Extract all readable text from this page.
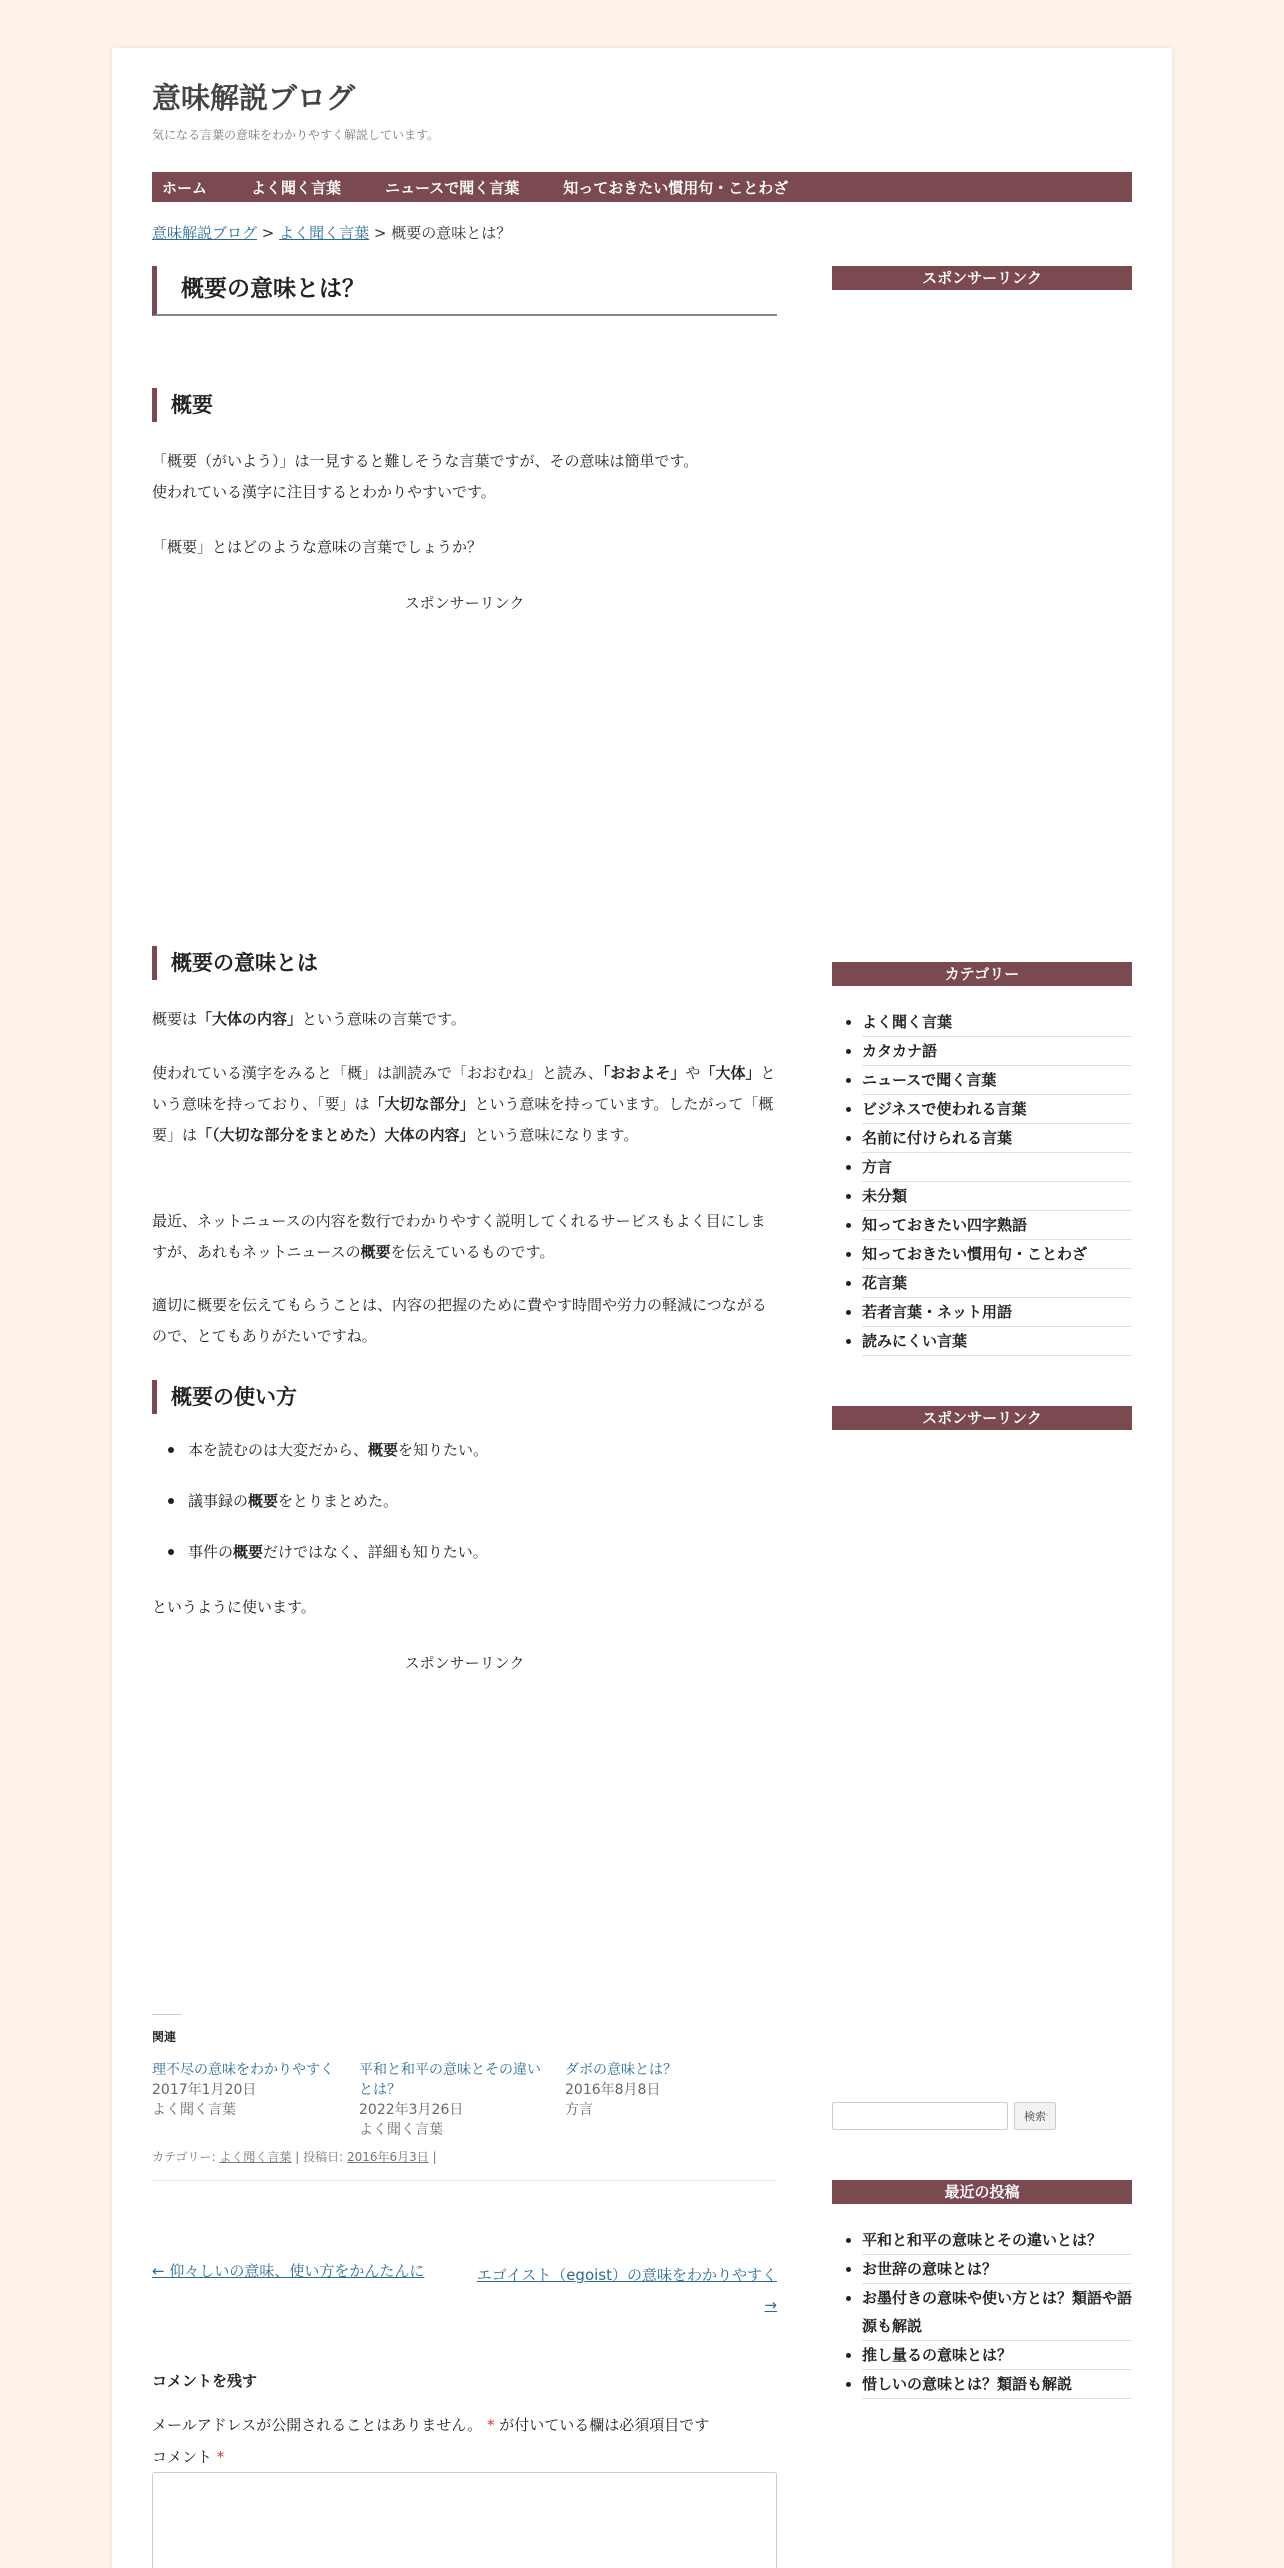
意味解説ブログ
気になる言葉の意味をわかりやすく解説しています。
ホーム	よく聞く言葉	ニュースで聞く言葉	知っておきたい慣用句・ことわざ
意味解説ブログ > よく聞く言葉 > 概要の意味とは？
概要の意味とは？
概要
「概要（がいよう）」は一見すると難しそうな言葉ですが、その意味は簡単です。
使われている漢字に注目するとわかりやすいです。
「概要」とはどのような意味の言葉でしょうか？
スポンサーリンク
概要の意味とは
概要は「大体の内容」という意味の言葉です。
使われている漢字をみると「概」は訓読みで「おおむね」と読み、「おおよそ」や「大体」という意味を持っており、「要」は「大切な部分」という意味を持っています。したがって「概要」は「（大切な部分をまとめた）大体の内容」という意味になります。
最近、ネットニュースの内容を数行でわかりやすく説明してくれるサービスもよく目にしますが、あれもネットニュースの概要を伝えているものです。
適切に概要を伝えてもらうことは、内容の把握のために費やす時間や労力の軽減につながるので、とてもありがたいですね。
概要の使い方
本を読むのは大変だから、概要を知りたい。
議事録の概要をとりまとめた。
事件の概要だけではなく、詳細も知りたい。
というように使います。
スポンサーリンク
関連
理不尽の意味をわかりやすく
2017年1月20日
よく聞く言葉
平和と和平の意味とその違いとは？
2022年3月26日
よく聞く言葉
ダボの意味とは？
2016年8月8日
方言
カテゴリー: よく聞く言葉 | 投稿日: 2016年6月3日 |
← 仰々しいの意味、使い方をかんたんに	エゴイスト（egoist）の意味をわかりやすく →
コメントを残す
メールアドレスが公開されることはありません。 * が付いている欄は必須項目です
コメント *
スポンサーリンク
カテゴリー
よく聞く言葉
カタカナ語
ニュースで聞く言葉
ビジネスで使われる言葉
名前に付けられる言葉
方言
未分類
知っておきたい四字熟語
知っておきたい慣用句・ことわざ
花言葉
若者言葉・ネット用語
読みにくい言葉
スポンサーリンク
検索
最近の投稿
平和と和平の意味とその違いとは？
お世辞の意味とは？
お墨付きの意味や使い方とは？類語や語源も解説
推し量るの意味とは？
惜しいの意味とは？類語も解説
